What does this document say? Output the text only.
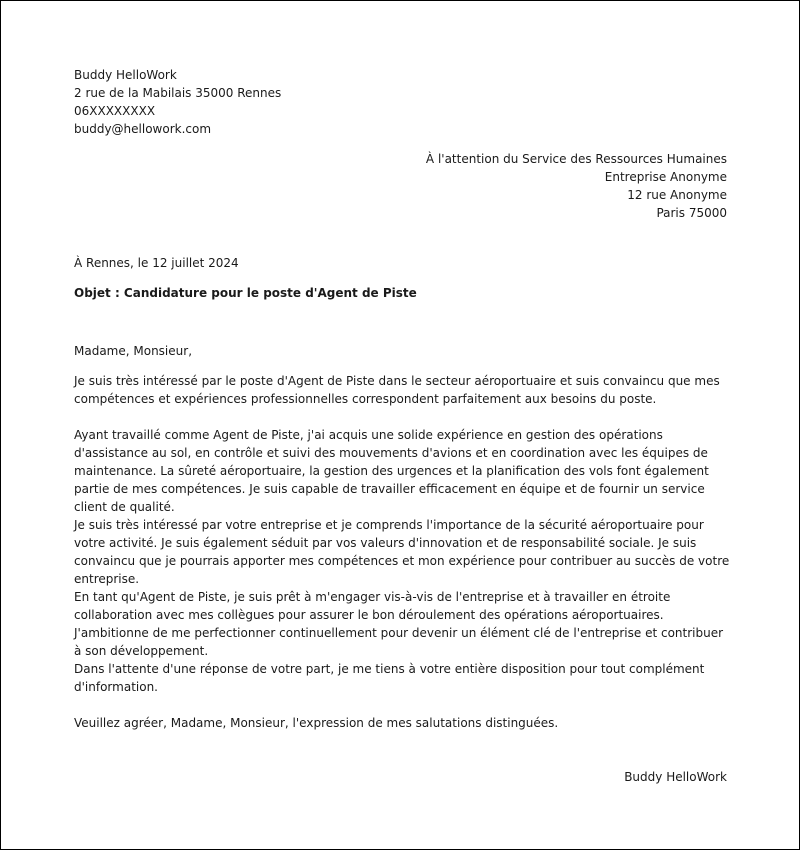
Buddy HelloWork
2 rue de la Mabilais 35000 Rennes
06XXXXXXXX
buddy@hellowork.com
À l'attention du Service des Ressources Humaines
Entreprise Anonyme
12 rue Anonyme
Paris 75000
À Rennes, le 12 juillet 2024
Objet : Candidature pour le poste d'Agent de Piste
Madame, Monsieur,

Je suis très intéressé par le poste d'Agent de Piste dans le secteur aéroportuaire et suis convaincu que mes compétences et expériences professionnelles correspondent parfaitement aux besoins du poste.

Ayant travaillé comme Agent de Piste, j'ai acquis une solide expérience en gestion des opérations d'assistance au sol, en contrôle et suivi des mouvements d'avions et en coordination avec les équipes de maintenance. La sûreté aéroportuaire, la gestion des urgences et la planification des vols font également partie de mes compétences. Je suis capable de travailler efficacement en équipe et de fournir un service client de qualité.

Je suis très intéressé par votre entreprise et je comprends l'importance de la sécurité aéroportuaire pour votre activité. Je suis également séduit par vos valeurs d'innovation et de responsabilité sociale. Je suis convaincu que je pourrais apporter mes compétences et mon expérience pour contribuer au succès de votre entreprise.

En tant qu'Agent de Piste, je suis prêt à m'engager vis-à-vis de l'entreprise et à travailler en étroite collaboration avec mes collègues pour assurer le bon déroulement des opérations aéroportuaires. J'ambitionne de me perfectionner continuellement pour devenir un élément clé de l'entreprise et contribuer à son développement.

Dans l'attente d'une réponse de votre part, je me tiens à votre entière disposition pour tout complément d'information.

Veuillez agréer, Madame, Monsieur, l'expression de mes salutations distinguées.

Buddy HelloWork
